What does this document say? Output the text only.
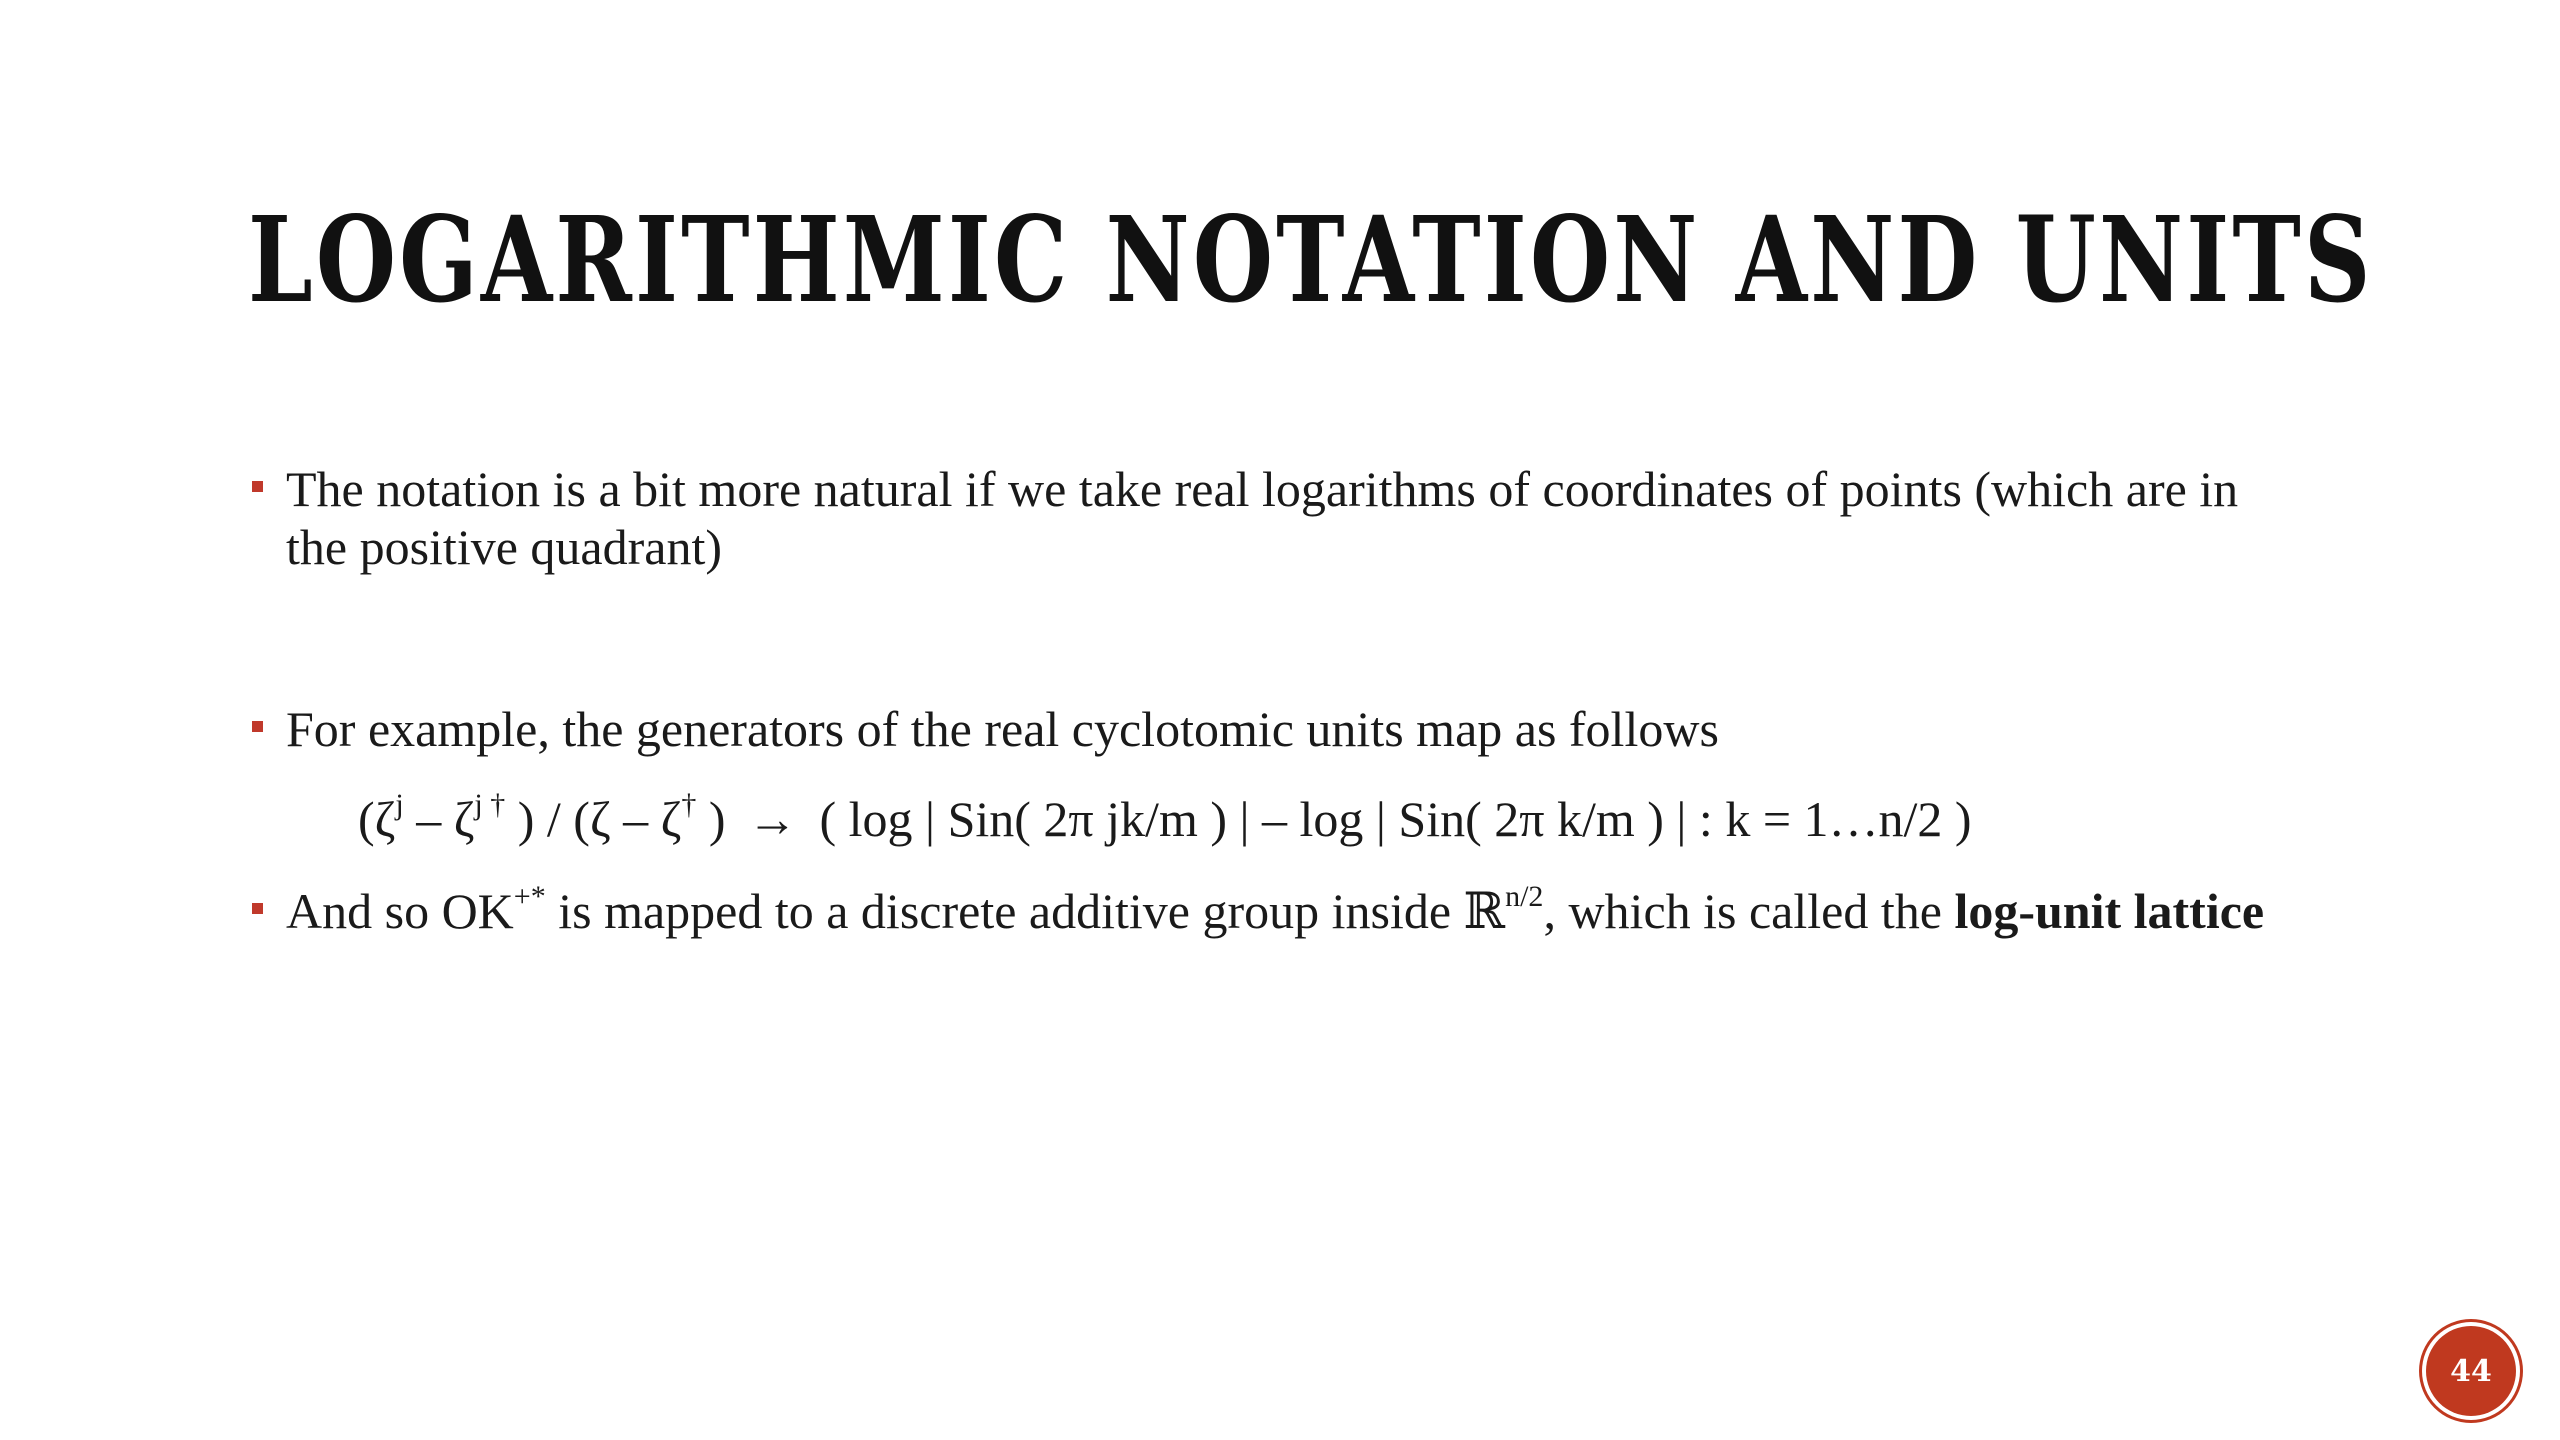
LOGARITHMIC NOTATION AND UNITS
The notation is a bit more natural if we take real logarithms of coordinates of points (which are in the positive quadrant)
For example, the generators of the real cyclotomic units map as follows
($\zeta^j - \zeta^{j \dagger}$ ) / (ζ – ζ† ) → ( log | Sin( 2π jk/m ) | – log | Sin( 2π k/m ) | : k = 1…n/2 )
And so OK+* is mapped to a discrete additive group inside ℝ$^{n/2}$, which is called the log-unit lattice
44
